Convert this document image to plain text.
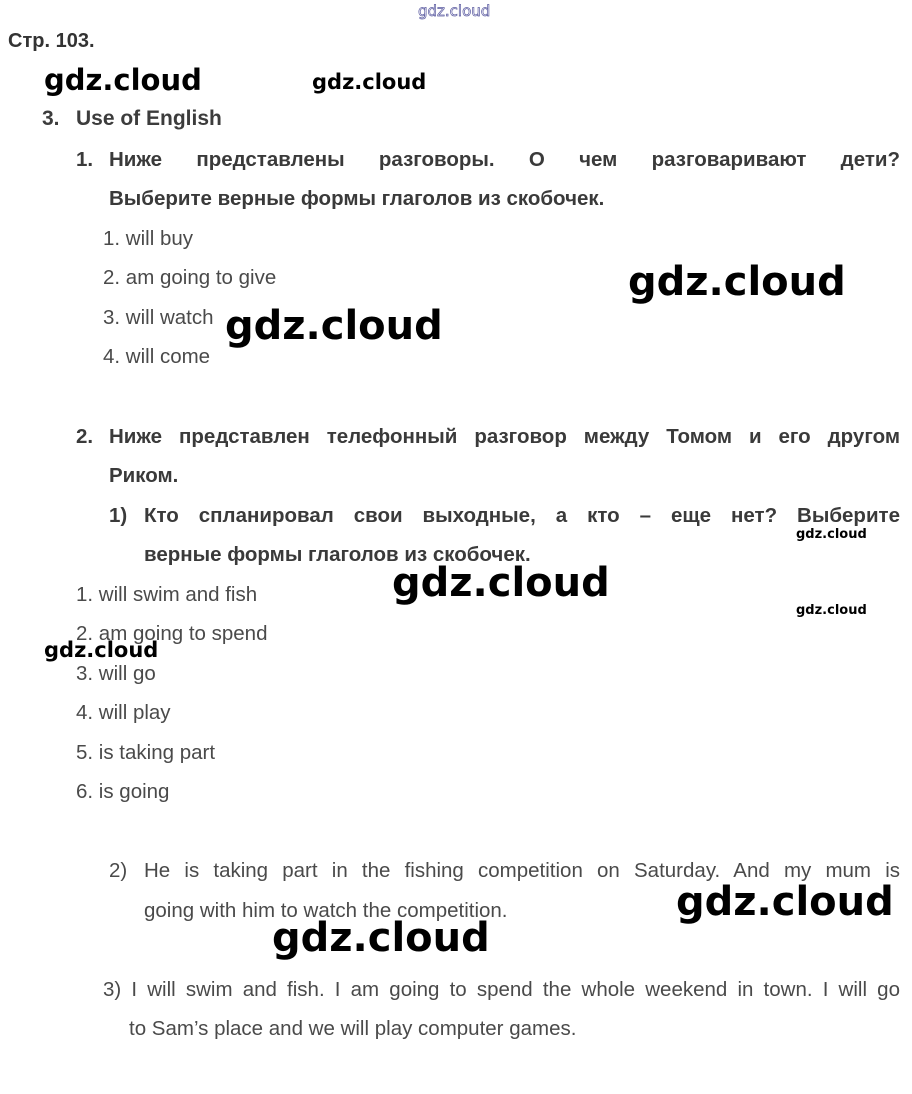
gdz.cloud
Стр. 103.
3. Use of English
1. Ниже представлены разговоры. О чем разговаривают дети?
Выберите верные формы глаголов из скобочек.
1. will buy
2. am going to give
3. will watch
4. will come
2. Ниже представлен телефонный разговор между Томом и его другом
Риком.
1) Кто спланировал свои выходные, а кто – еще нет? Выберите
верные формы глаголов из скобочек.
1. will swim and fish
2. am going to spend
3. will go
4. will play
5. is taking part
6. is going
2) He is taking part in the fishing competition on Saturday. And my mum is
going with him to watch the competition.
3) I will swim and fish. I am going to spend the whole weekend in town. I will go
to Sam’s place and we will play computer games.
gdz.cloud	gdz.cloud
gdz.cloud
gdz.cloud
gdz.cloud
gdz.cloud
gdz.cloud
gdz.cloud
gdz.cloud
gdz.cloud
